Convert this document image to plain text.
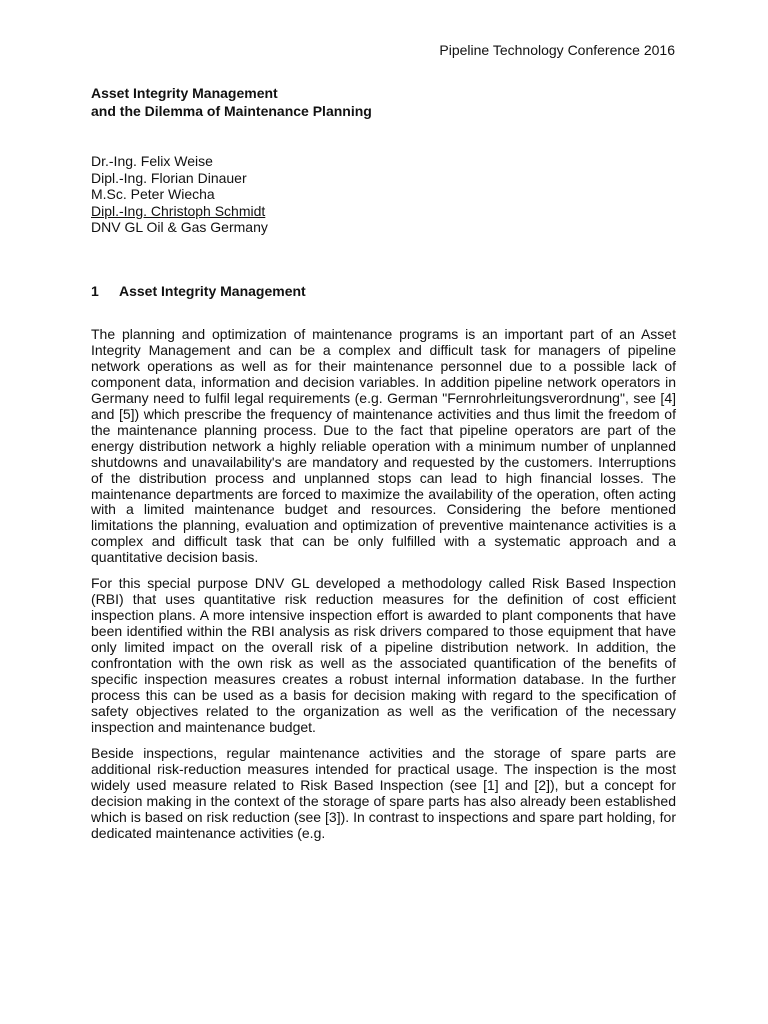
Pipeline Technology Conference 2016
Asset Integrity Management
and the Dilemma of Maintenance Planning
Dr.-Ing. Felix Weise
Dipl.-Ing. Florian Dinauer
M.Sc. Peter Wiecha
Dipl.-Ing. Christoph Schmidt
DNV GL Oil & Gas Germany
1 Asset Integrity Management

The planning and optimization of maintenance programs is an important part of an Asset Integrity Management and can be a complex and difficult task for managers of pipeline network operations as well as for their maintenance personnel due to a possible lack of component data, information and decision variables. In addition pipeline network operators in Germany need to fulfil legal requirements (e.g. German "Fernrohrleitungsverordnung", see [4] and [5]) which prescribe the frequency of maintenance activities and thus limit the freedom of the maintenance planning process. Due to the fact that pipeline operators are part of the energy distribution network a highly reliable operation with a minimum number of unplanned shutdowns and unavailability's are mandatory and requested by the customers. Interruptions of the distribution process and unplanned stops can lead to high financial losses. The maintenance departments are forced to maximize the availability of the operation, often acting with a limited maintenance budget and resources. Considering the before mentioned limitations the planning, evaluation and optimization of preventive maintenance activities is a complex and difficult task that can be only fulfilled with a systematic approach and a quantitative decision basis.

For this special purpose DNV GL developed a methodology called Risk Based Inspection (RBI) that uses quantitative risk reduction measures for the definition of cost efficient inspection plans. A more intensive inspection effort is awarded to plant components that have been identified within the RBI analysis as risk drivers compared to those equipment that have only limited impact on the overall risk of a pipeline distribution network. In addition, the confrontation with the own risk as well as the associated quantification of the benefits of specific inspection measures creates a robust internal information database. In the further process this can be used as a basis for decision making with regard to the specification of safety objectives related to the organization as well as the verification of the necessary inspection and maintenance budget.

Beside inspections, regular maintenance activities and the storage of spare parts are additional risk-reduction measures intended for practical usage. The inspection is the most widely used measure related to Risk Based Inspection (see [1] and [2]), but a concept for decision making in the context of the storage of spare parts has also already been established which is based on risk reduction (see [3]). In contrast to inspections and spare part holding, for dedicated maintenance activities (e.g.
